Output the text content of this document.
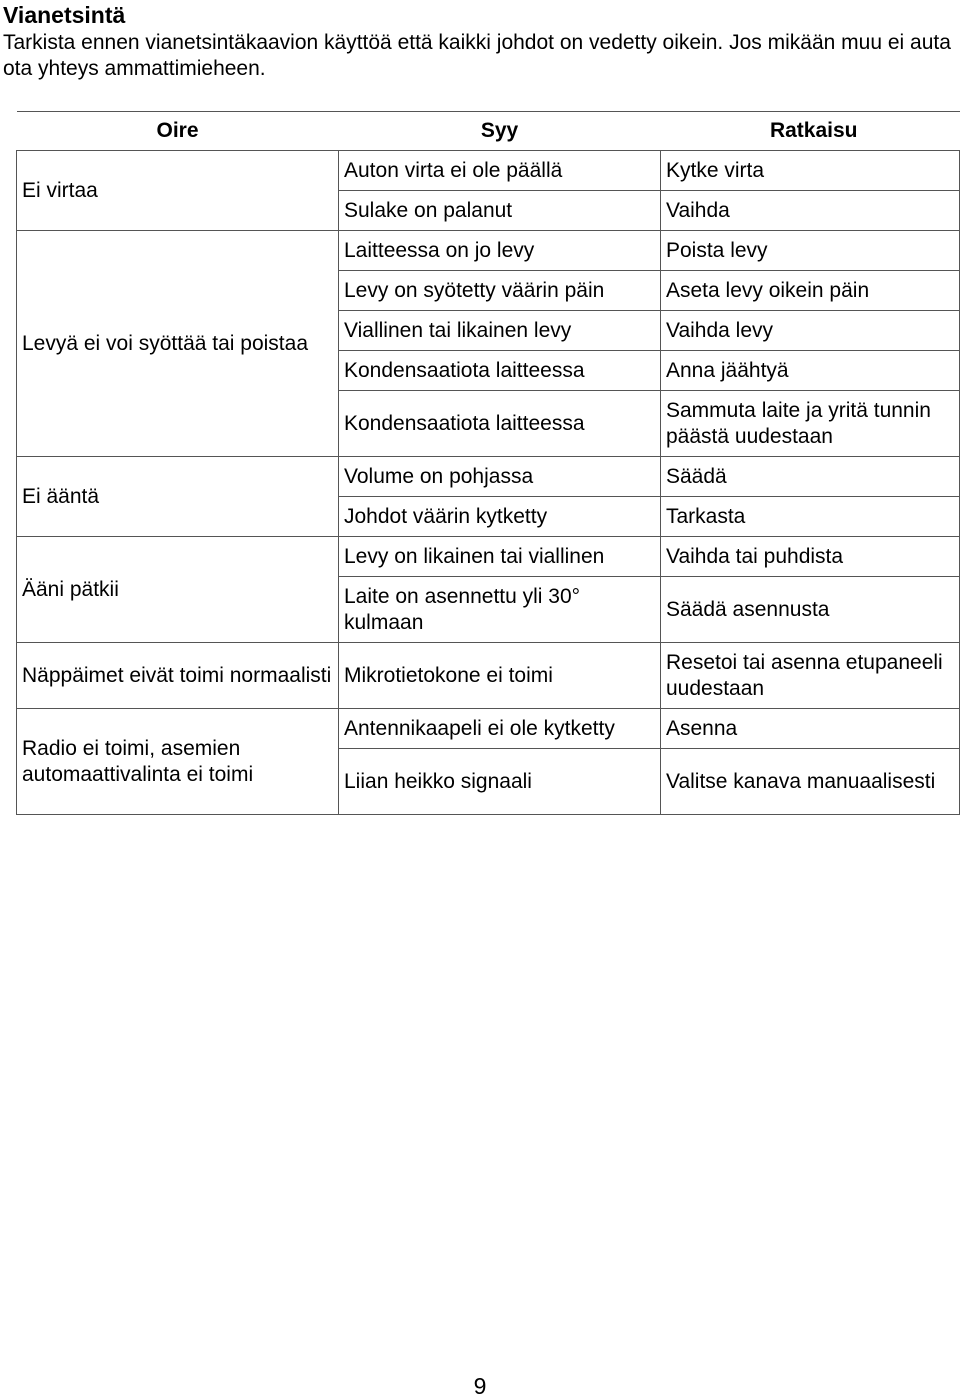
Vianetsintä
Tarkista ennen vianetsintäkaavion käyttöä että kaikki johdot on vedetty oikein. Jos mikään muu ei auta ota yhteys ammattimieheen.
Oire	Syy	Ratkaisu
Ei virtaa	Auton virta ei ole päällä	Kytke virta
	Sulake on palanut	Vaihda
Levyä ei voi syöttää tai poistaa	Laitteessa on jo levy	Poista levy
	Levy on syötetty väärin päin	Aseta levy oikein päin
	Viallinen tai likainen levy	Vaihda levy
	Kondensaatiota laitteessa	Anna jäähtyä
	Kondensaatiota laitteessa	Sammuta laite ja yritä tunnin päästä uudestaan
Ei ääntä	Volume on pohjassa	Säädä
	Johdot väärin kytketty	Tarkasta
Ääni pätkii	Levy on likainen tai viallinen	Vaihda tai puhdista
	Laite on asennettu yli 30° kulmaan	Säädä asennusta
Näppäimet eivät toimi normaalisti	Mikrotietokone ei toimi	Resetoi tai asenna etupaneeli uudestaan
Radio ei toimi, asemien automaattivalinta ei toimi	Antennikaapeli ei ole kytketty	Asenna
	Liian heikko signaali	Valitse kanava manuaalisesti
9
